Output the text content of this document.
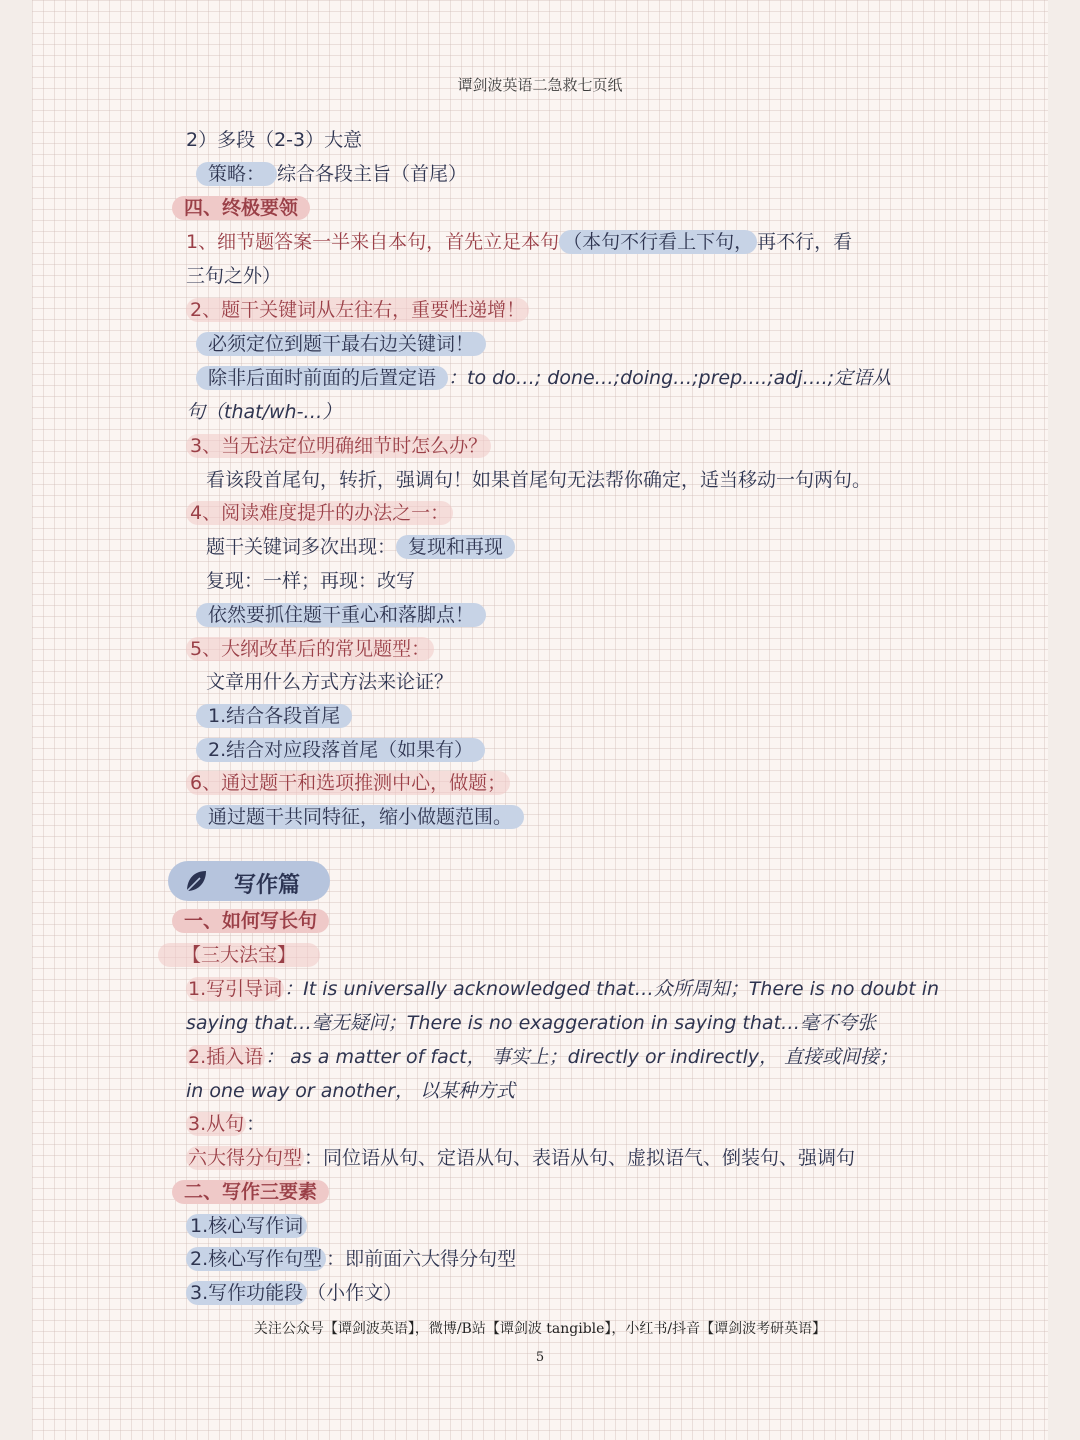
谭剑波英语二急救七页纸
2）多段（2-3）大意
策略： 综合各段主旨（首尾）
四、终极要领
1、细节题答案一半来自本句，首先立足本句 （本句不行看上下句， 再不行，看
三句之外）
2、题干关键词从左往右，重要性递增！
必须定位到题干最右边关键词！
除非后面时前面的后置定语 ：to do…; done…;doing…;prep….;adj….;定语从
句（that/wh-…）
3、当无法定位明确细节时怎么办？
看该段首尾句，转折，强调句！如果首尾句无法帮你确定，适当移动一句两句。
4、阅读难度提升的办法之一：
题干关键词多次出现： 复现和再现
复现：一样；再现：改写
依然要抓住题干重心和落脚点！
5、大纲改革后的常见题型：
文章用什么方式方法来论证？
1.结合各段首尾
2.结合对应段落首尾（如果有）
6、通过题干和选项推测中心，做题；
通过题干共同特征，缩小做题范围。
写作篇
一、如何写长句
【三大法宝】
1.写引导词 ：It is universally acknowledged that…众所周知；There is no doubt in
saying that…毫无疑问；There is no exaggeration in saying that…毫不夸张
2.插入语 ： as a matter of fact， 事实上；directly or indirectly， 直接或间接；
in one way or another， 以某种方式
3.从句 ：
六大得分句型 ：同位语从句、定语从句、表语从句、虚拟语气、倒装句、强调句
二、写作三要素
1.核心写作词
2.核心写作句型 ：即前面六大得分句型
3.写作功能段 （小作文）
关注公众号【谭剑波英语】，微博/B站【谭剑波 tangible】，小红书/抖音【谭剑波考研英语】
5
